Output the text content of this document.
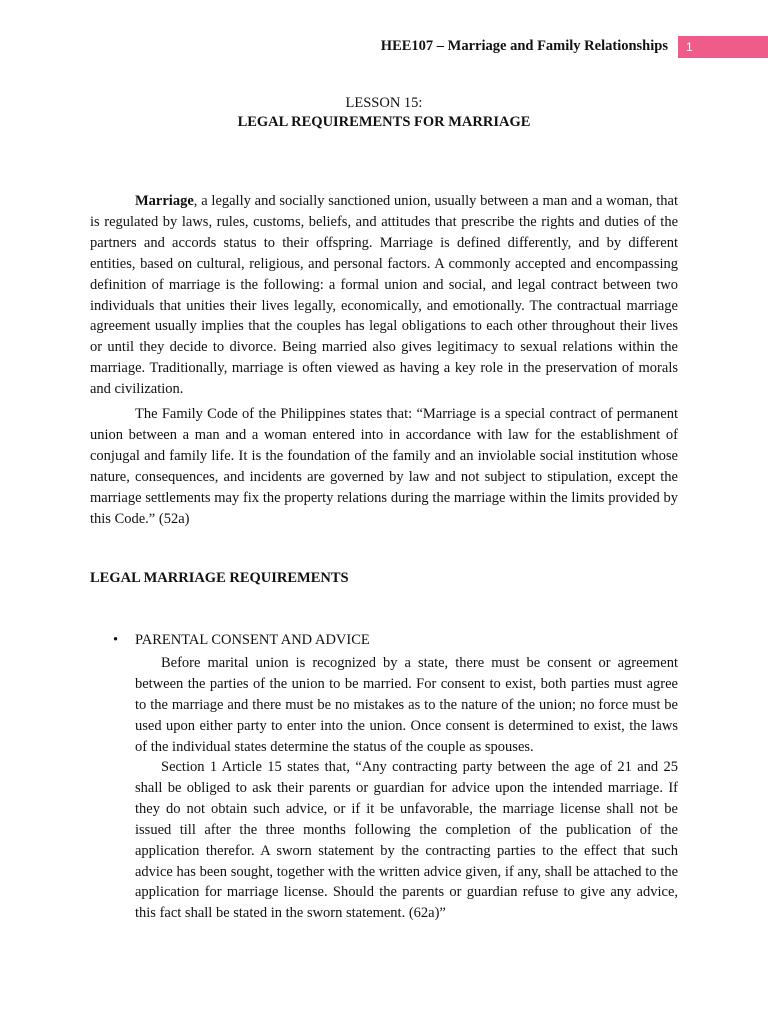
HEE107 – Marriage and Family Relationships	1
LESSON 15:
LEGAL REQUIREMENTS FOR MARRIAGE

Marriage, a legally and socially sanctioned union, usually between a man and a woman, that is regulated by laws, rules, customs, beliefs, and attitudes that prescribe the rights and duties of the partners and accords status to their offspring. Marriage is defined differently, and by different entities, based on cultural, religious, and personal factors. A commonly accepted and encompassing definition of marriage is the following: a formal union and social, and legal contract between two individuals that unities their lives legally, economically, and emotionally. The contractual marriage agreement usually implies that the couples has legal obligations to each other throughout their lives or until they decide to divorce. Being married also gives legitimacy to sexual relations within the marriage. Traditionally, marriage is often viewed as having a key role in the preservation of morals and civilization.

The Family Code of the Philippines states that: “Marriage is a special contract of permanent union between a man and a woman entered into in accordance with law for the establishment of conjugal and family life. It is the foundation of the family and an inviolable social institution whose nature, consequences, and incidents are governed by law and not subject to stipulation, except the marriage settlements may fix the property relations during the marriage within the limits provided by this Code.” (52a)

LEGAL MARRIAGE REQUIREMENTS
• PARENTAL CONSENT AND ADVICE

Before marital union is recognized by a state, there must be consent or agreement between the parties of the union to be married. For consent to exist, both parties must agree to the marriage and there must be no mistakes as to the nature of the union; no force must be used upon either party to enter into the union. Once consent is determined to exist, the laws of the individual states determine the status of the couple as spouses.

Section 1 Article 15 states that, “Any contracting party between the age of 21 and 25 shall be obliged to ask their parents or guardian for advice upon the intended marriage. If they do not obtain such advice, or if it be unfavorable, the marriage license shall not be issued till after the three months following the completion of the publication of the application therefor. A sworn statement by the contracting parties to the effect that such advice has been sought, together with the written advice given, if any, shall be attached to the application for marriage license. Should the parents or guardian refuse to give any advice, this fact shall be stated in the sworn statement. (62a)”
